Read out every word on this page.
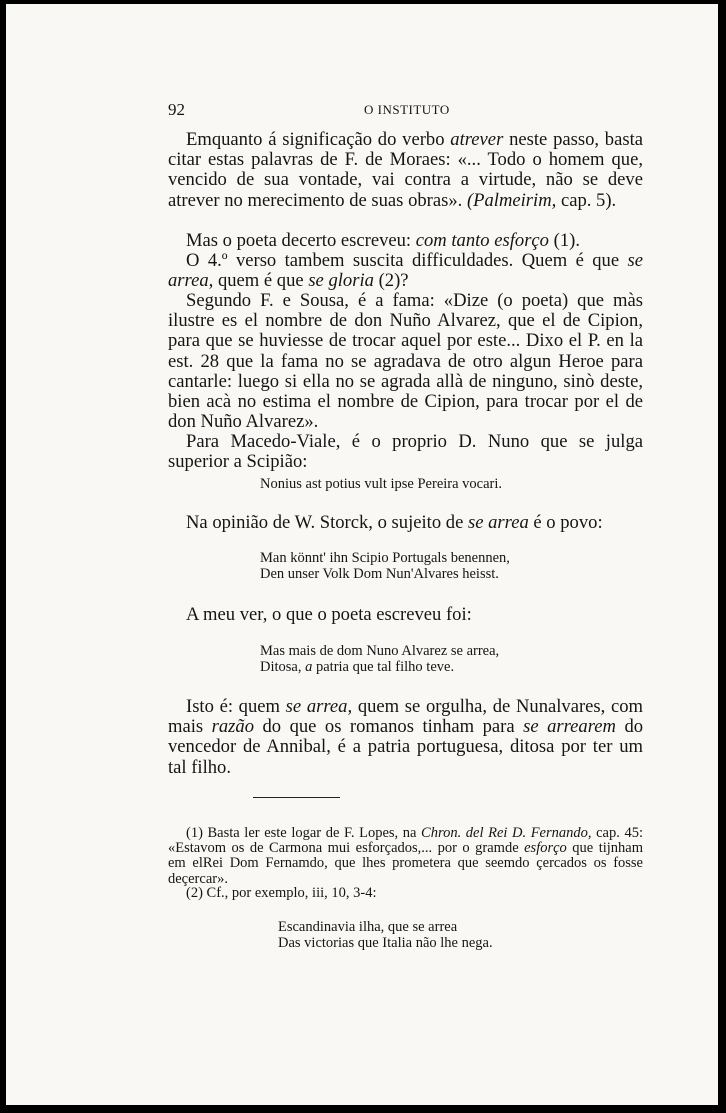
92	O INSTITUTO

Emquanto á significação do verbo atrever neste passo, basta citar estas palavras de F. de Moraes: «... Todo o homem que, vencido de sua vontade, vai contra a virtude, não se deve atrever no merecimento de suas obras». (Palmeirim, cap. 5).

Mas o poeta decerto escreveu: com tanto esforço (1).

O 4.º verso tambem suscita difficuldades. Quem é que se arrea, quem é que se gloria (2)?

Segundo F. e Sousa, é a fama: «Dize (o poeta) que màs ilustre es el nombre de don Nuño Alvarez, que el de Cipion, para que se huviesse de trocar aquel por este... Dixo el P. en la est. 28 que la fama no se agradava de otro algun Heroe para cantarle: luego si ella no se agrada allà de ninguno, sinò deste, bien acà no estima el nombre de Cipion, para trocar por el de don Nuño Alvarez».

Para Macedo-Viale, é o proprio D. Nuno que se julga superior a Scipião:

Nonius ast potius vult ipse Pereira vocari.

Na opinião de W. Storck, o sujeito de se arrea é o povo:

Man könnt' ihn Scipio Portugals benennen,

Den unser Volk Dom Nun'Alvares heisst.

A meu ver, o que o poeta escreveu foi:

Mas mais de dom Nuno Alvarez se arrea,

Ditosa, a patria que tal filho teve.

Isto é: quem se arrea, quem se orgulha, de Nunalvares, com mais razão do que os romanos tinham para se arrearem do vencedor de Annibal, é a patria portuguesa, ditosa por ter um tal filho.

(1) Basta ler este logar de F. Lopes, na Chron. del Rei D. Fernando, cap. 45: «Estavom os de Carmona mui esforçados,... por o gramde esforço que tijnham em elRei Dom Fernamdo, que lhes prometera que seemdo çercados os fosse deçercar».

(2) Cf., por exemplo, iii, 10, 3-4:

Escandinavia ilha, que se arrea

Das victorias que Italia não lhe nega.
